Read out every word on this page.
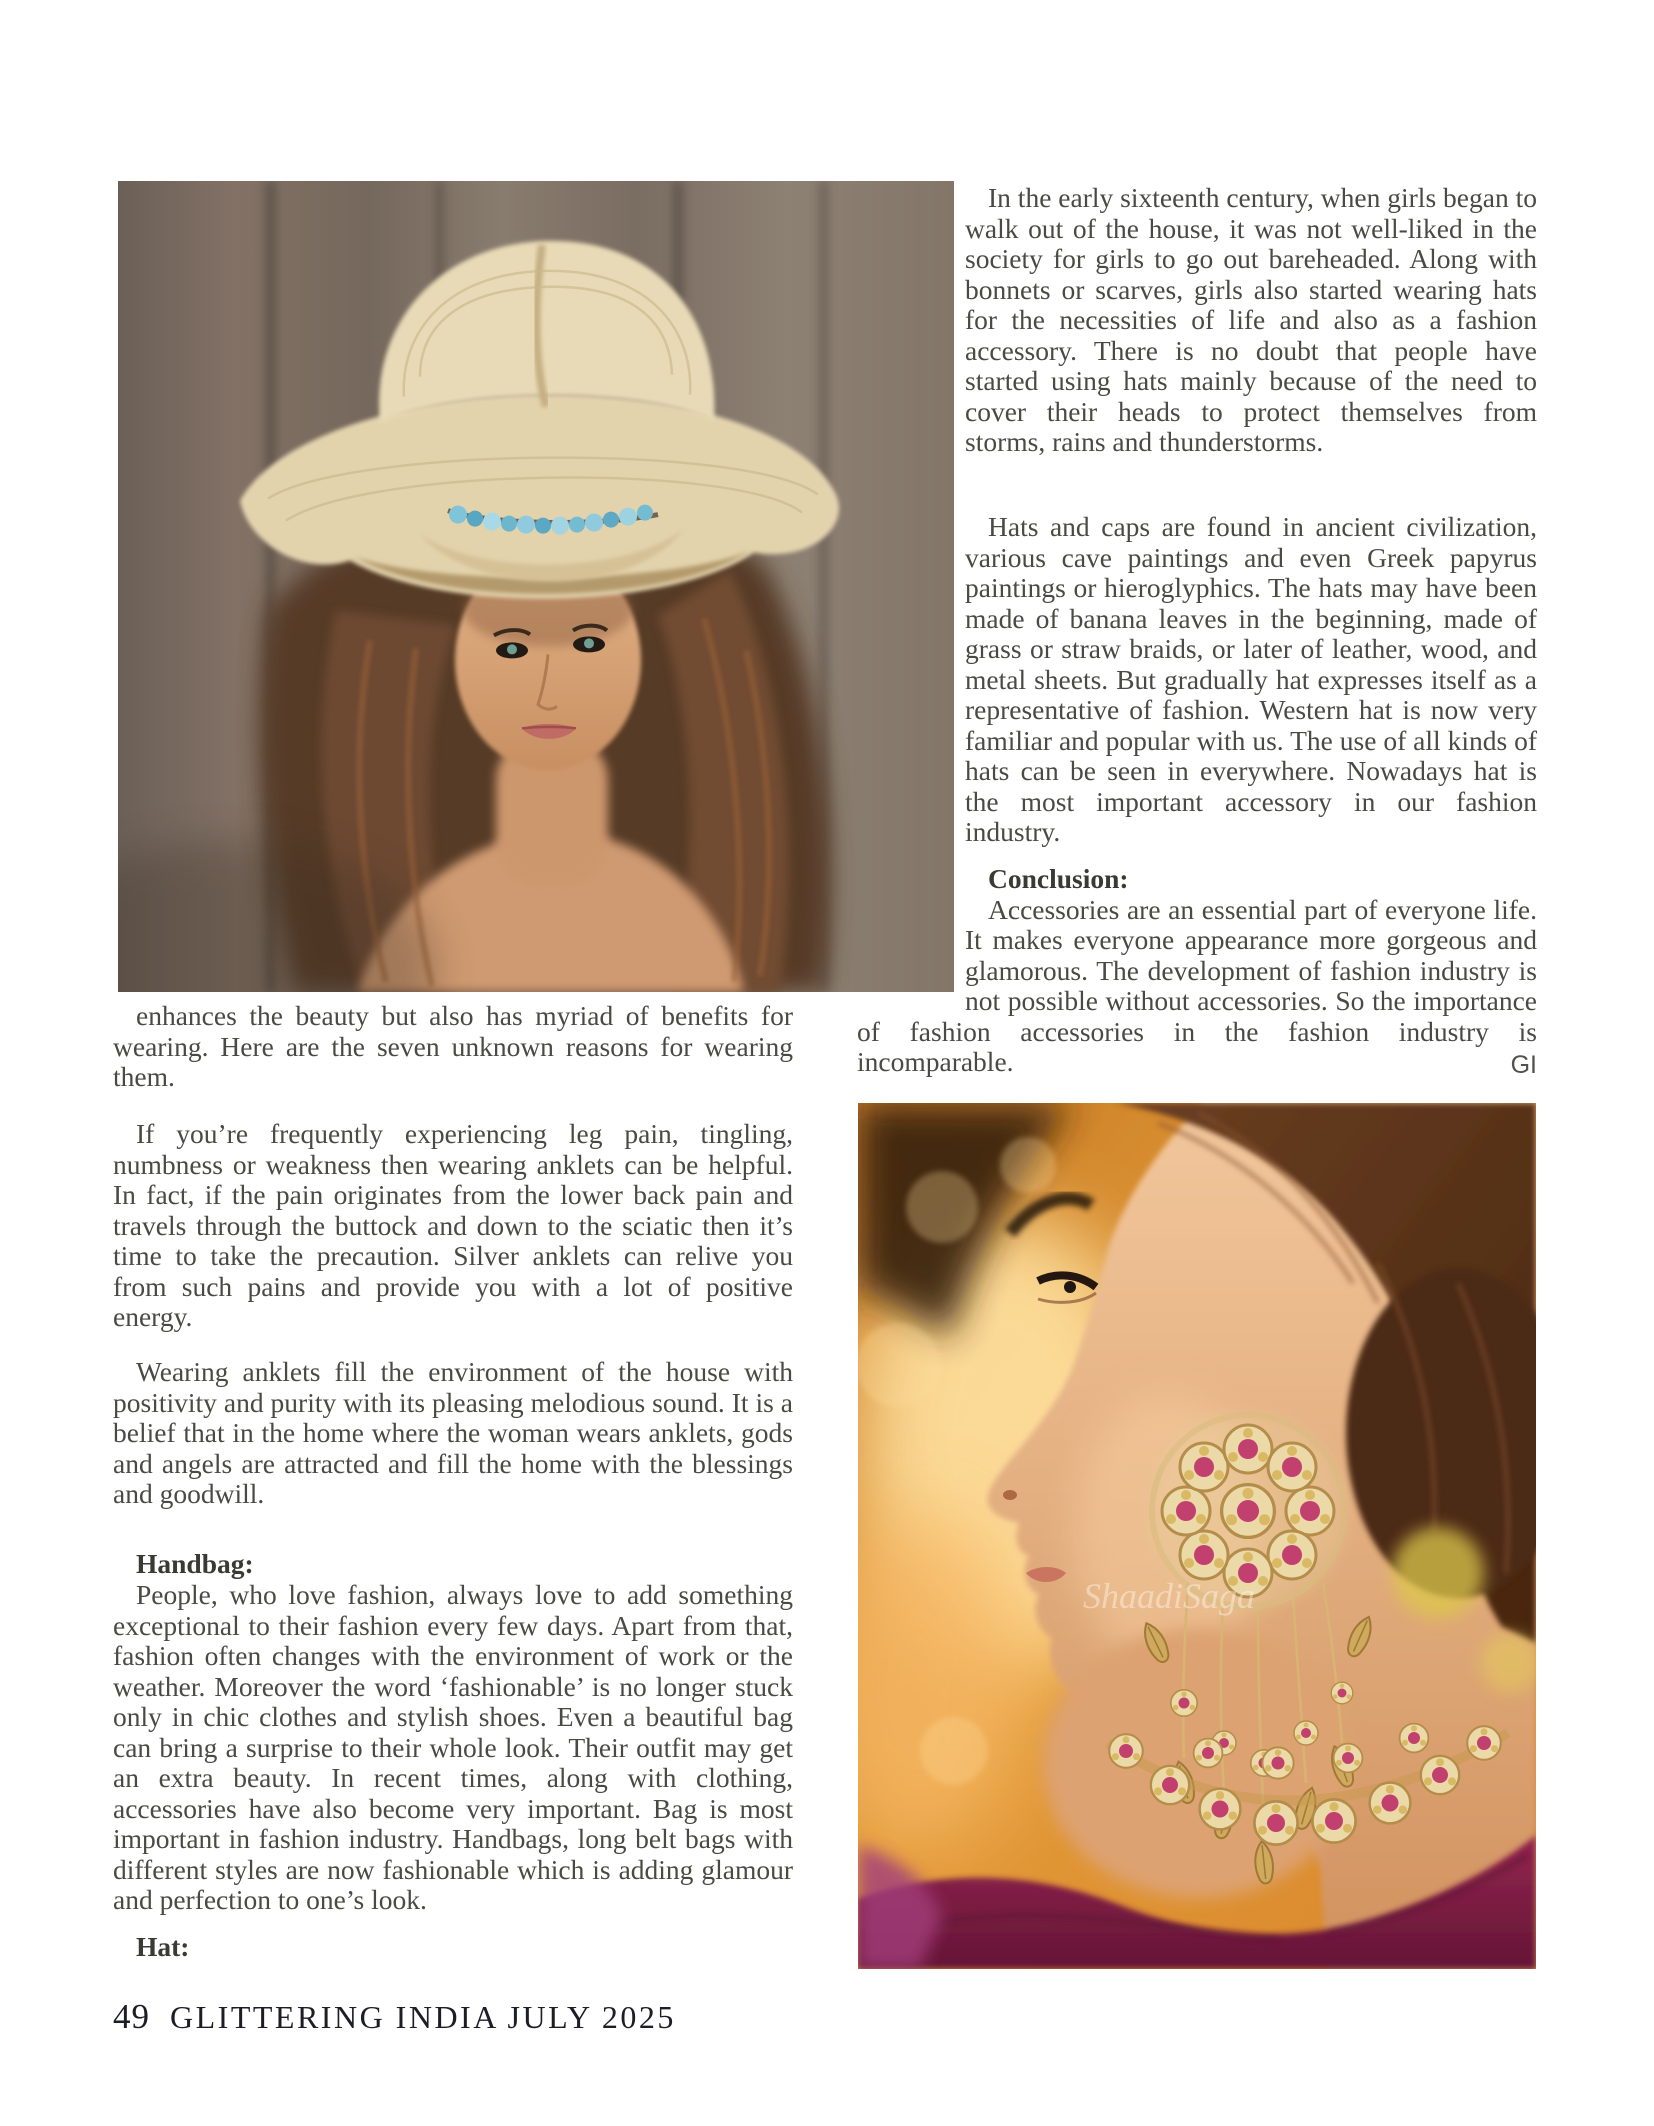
In the early sixteenth century, when girls began to walk out of the house, it was not well-liked in the society for girls to go out bareheaded. Along with bonnets or scarves, girls also started wearing hats for the necessities of life and also as a fashion accessory. There is no doubt that people have started using hats mainly because of the need to cover their heads to protect themselves from storms, rains and thunderstorms.

Hats and caps are found in ancient civilization, various cave paintings and even Greek papyrus paintings or hieroglyphics. The hats may have been made of banana leaves in the beginning, made of grass or straw braids, or later of leather, wood, and metal sheets. But gradually hat expresses itself as a representative of fashion. Western hat is now very familiar and popular with us. The use of all kinds of hats can be seen in everywhere. Nowadays hat is the most important accessory in our fashion industry.

Conclusion:

Accessories are an essential part of everyone life. It makes everyone appearance more gorgeous and glamorous. The development of fashion industry is not possible without accessories. So the importance of fashion accessories in the fashion industry is incomparable.	GI

enhances the beauty but also has myriad of benefits for wearing. Here are the seven unknown reasons for wearing them.

If you’re frequently experiencing leg pain, tingling, numbness or weakness then wearing anklets can be helpful. In fact, if the pain originates from the lower back pain and travels through the buttock and down to the sciatic then it’s time to take the precaution. Silver anklets can relive you from such pains and provide you with a lot of positive energy.

Wearing anklets fill the environment of the house with positivity and purity with its pleasing melodious sound. It is a belief that in the home where the woman wears anklets, gods and angels are attracted and fill the home with the blessings and goodwill.

Handbag:

People, who love fashion, always love to add something exceptional to their fashion every few days. Apart from that, fashion often changes with the environment of work or the weather. Moreover the word ‘fashionable’ is no longer stuck only in chic clothes and stylish shoes. Even a beautiful bag can bring a surprise to their whole look. Their outfit may get an extra beauty. In recent times, along with clothing, accessories have also become very important. Bag is most important in fashion industry. Handbags, long belt bags with different styles are now fashionable which is adding glamour and perfection to one’s look.

Hat:
ShaadiSaga
49 GLITTERING INDIA JULY 2025
